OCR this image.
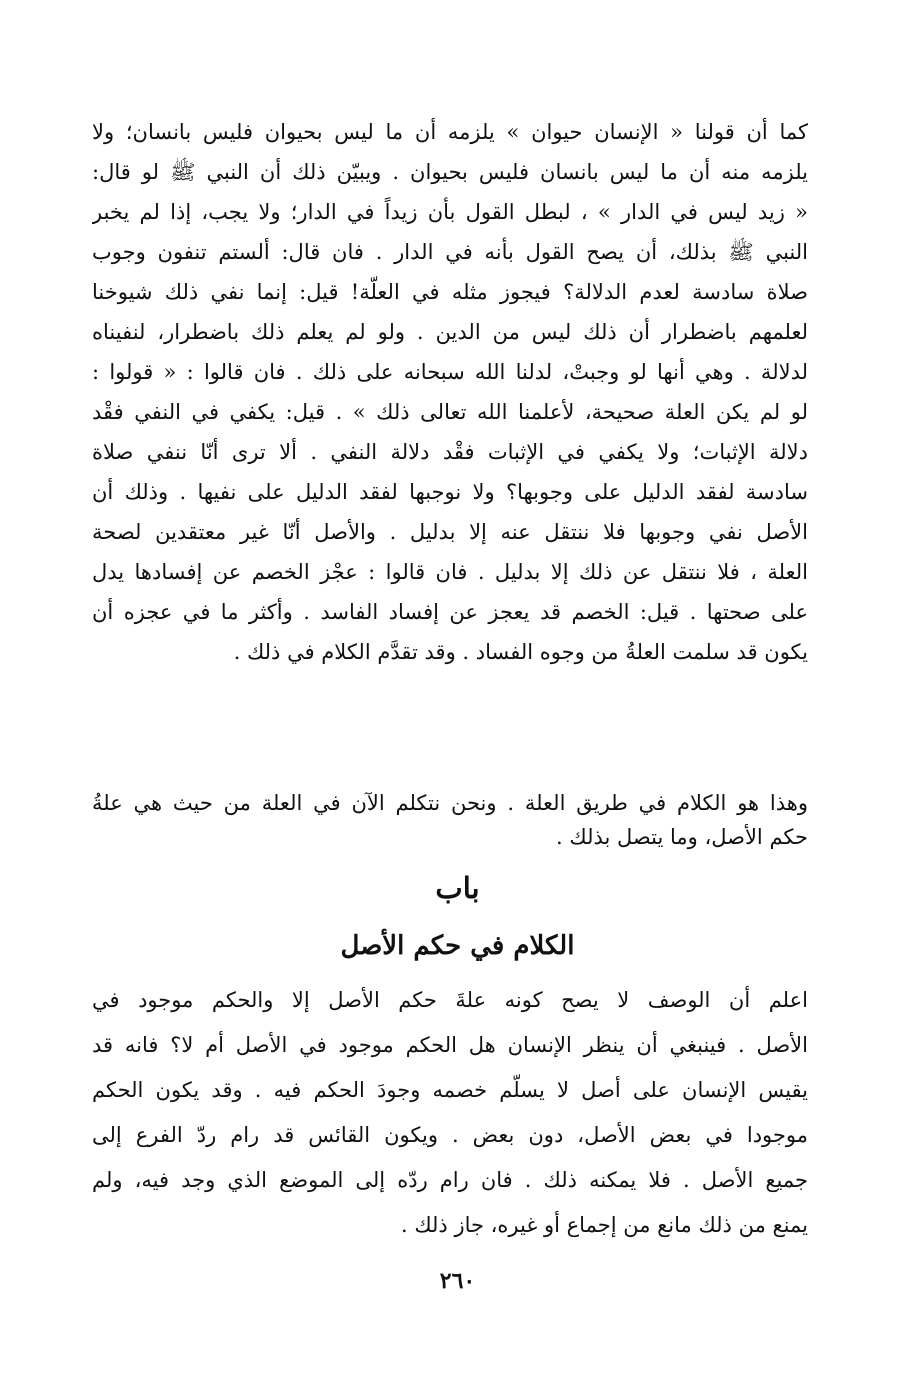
كما أن قولنا « الإنسان حيوان » يلزمه أن ما ليس بحيوان فليس بانسان؛ ولا
يلزمه منه أن ما ليس بانسان فليس بحيوان . ويبيّن ذلك أن النبي ﷺ لو قال:
« زيد ليس في الدار » ، لبطل القول بأن زيداً في الدار؛ ولا يجب، إذا لم يخبر
النبي ﷺ بذلك، أن يصح القول بأنه في الدار . فان قال: ألستم تنفون وجوب
صلاة سادسة لعدم الدلالة؟ فيجوز مثله في العلّة! قيل: إنما نفي ذلك شيوخنا
لعلمهم باضطرار أن ذلك ليس من الدين . ولو لم يعلم ذلك باضطرار، لنفيناه
لدلالة . وهي أنها لو وجبتْ، لدلنا الله سبحانه على ذلك . فان قالوا : « قولوا :
لو لم يكن العلة صحيحة، لأعلمنا الله تعالى ذلك » . قيل: يكفي في النفي فقْد
دلالة الإثبات؛ ولا يكفي في الإثبات فقْد دلالة النفي . ألا ترى أنّا ننفي صلاة
سادسة لفقد الدليل على وجوبها؟ ولا نوجبها لفقد الدليل على نفيها . وذلك أن
الأصل نفي وجوبها فلا ننتقل عنه إلا بدليل . والأصل أنّا غير معتقدين لصحة
العلة ، فلا ننتقل عن ذلك إلا بدليل . فان قالوا : عجْز الخصم عن إفسادها يدل
على صحتها . قيل: الخصم قد يعجز عن إفساد الفاسد . وأكثر ما في عجزه أن
يكون قد سلمت العلةُ من وجوه الفساد . وقد تقدَّم الكلام في ذلك .
وهذا هو الكلام في طريق العلة . ونحن نتكلم الآن في العلة من حيث هي علةُ
حكم الأصل، وما يتصل بذلك .
باب
الكلام في حكم الأصل
اعلم أن الوصف لا يصح كونه علةَ حكم الأصل إلا والحكم موجود في
الأصل . فينبغي أن ينظر الإنسان هل الحكم موجود في الأصل أم لا؟ فانه قد
يقيس الإنسان على أصل لا يسلّم خصمه وجودَ الحكم فيه . وقد يكون الحكم
موجودا في بعض الأصل، دون بعض . ويكون القائس قد رام ردّ الفرع إلى
جميع الأصل . فلا يمكنه ذلك . فان رام ردّه إلى الموضع الذي وجد فيه، ولم
يمنع من ذلك مانع من إجماع أو غيره، جاز ذلك .
٢٦٠
